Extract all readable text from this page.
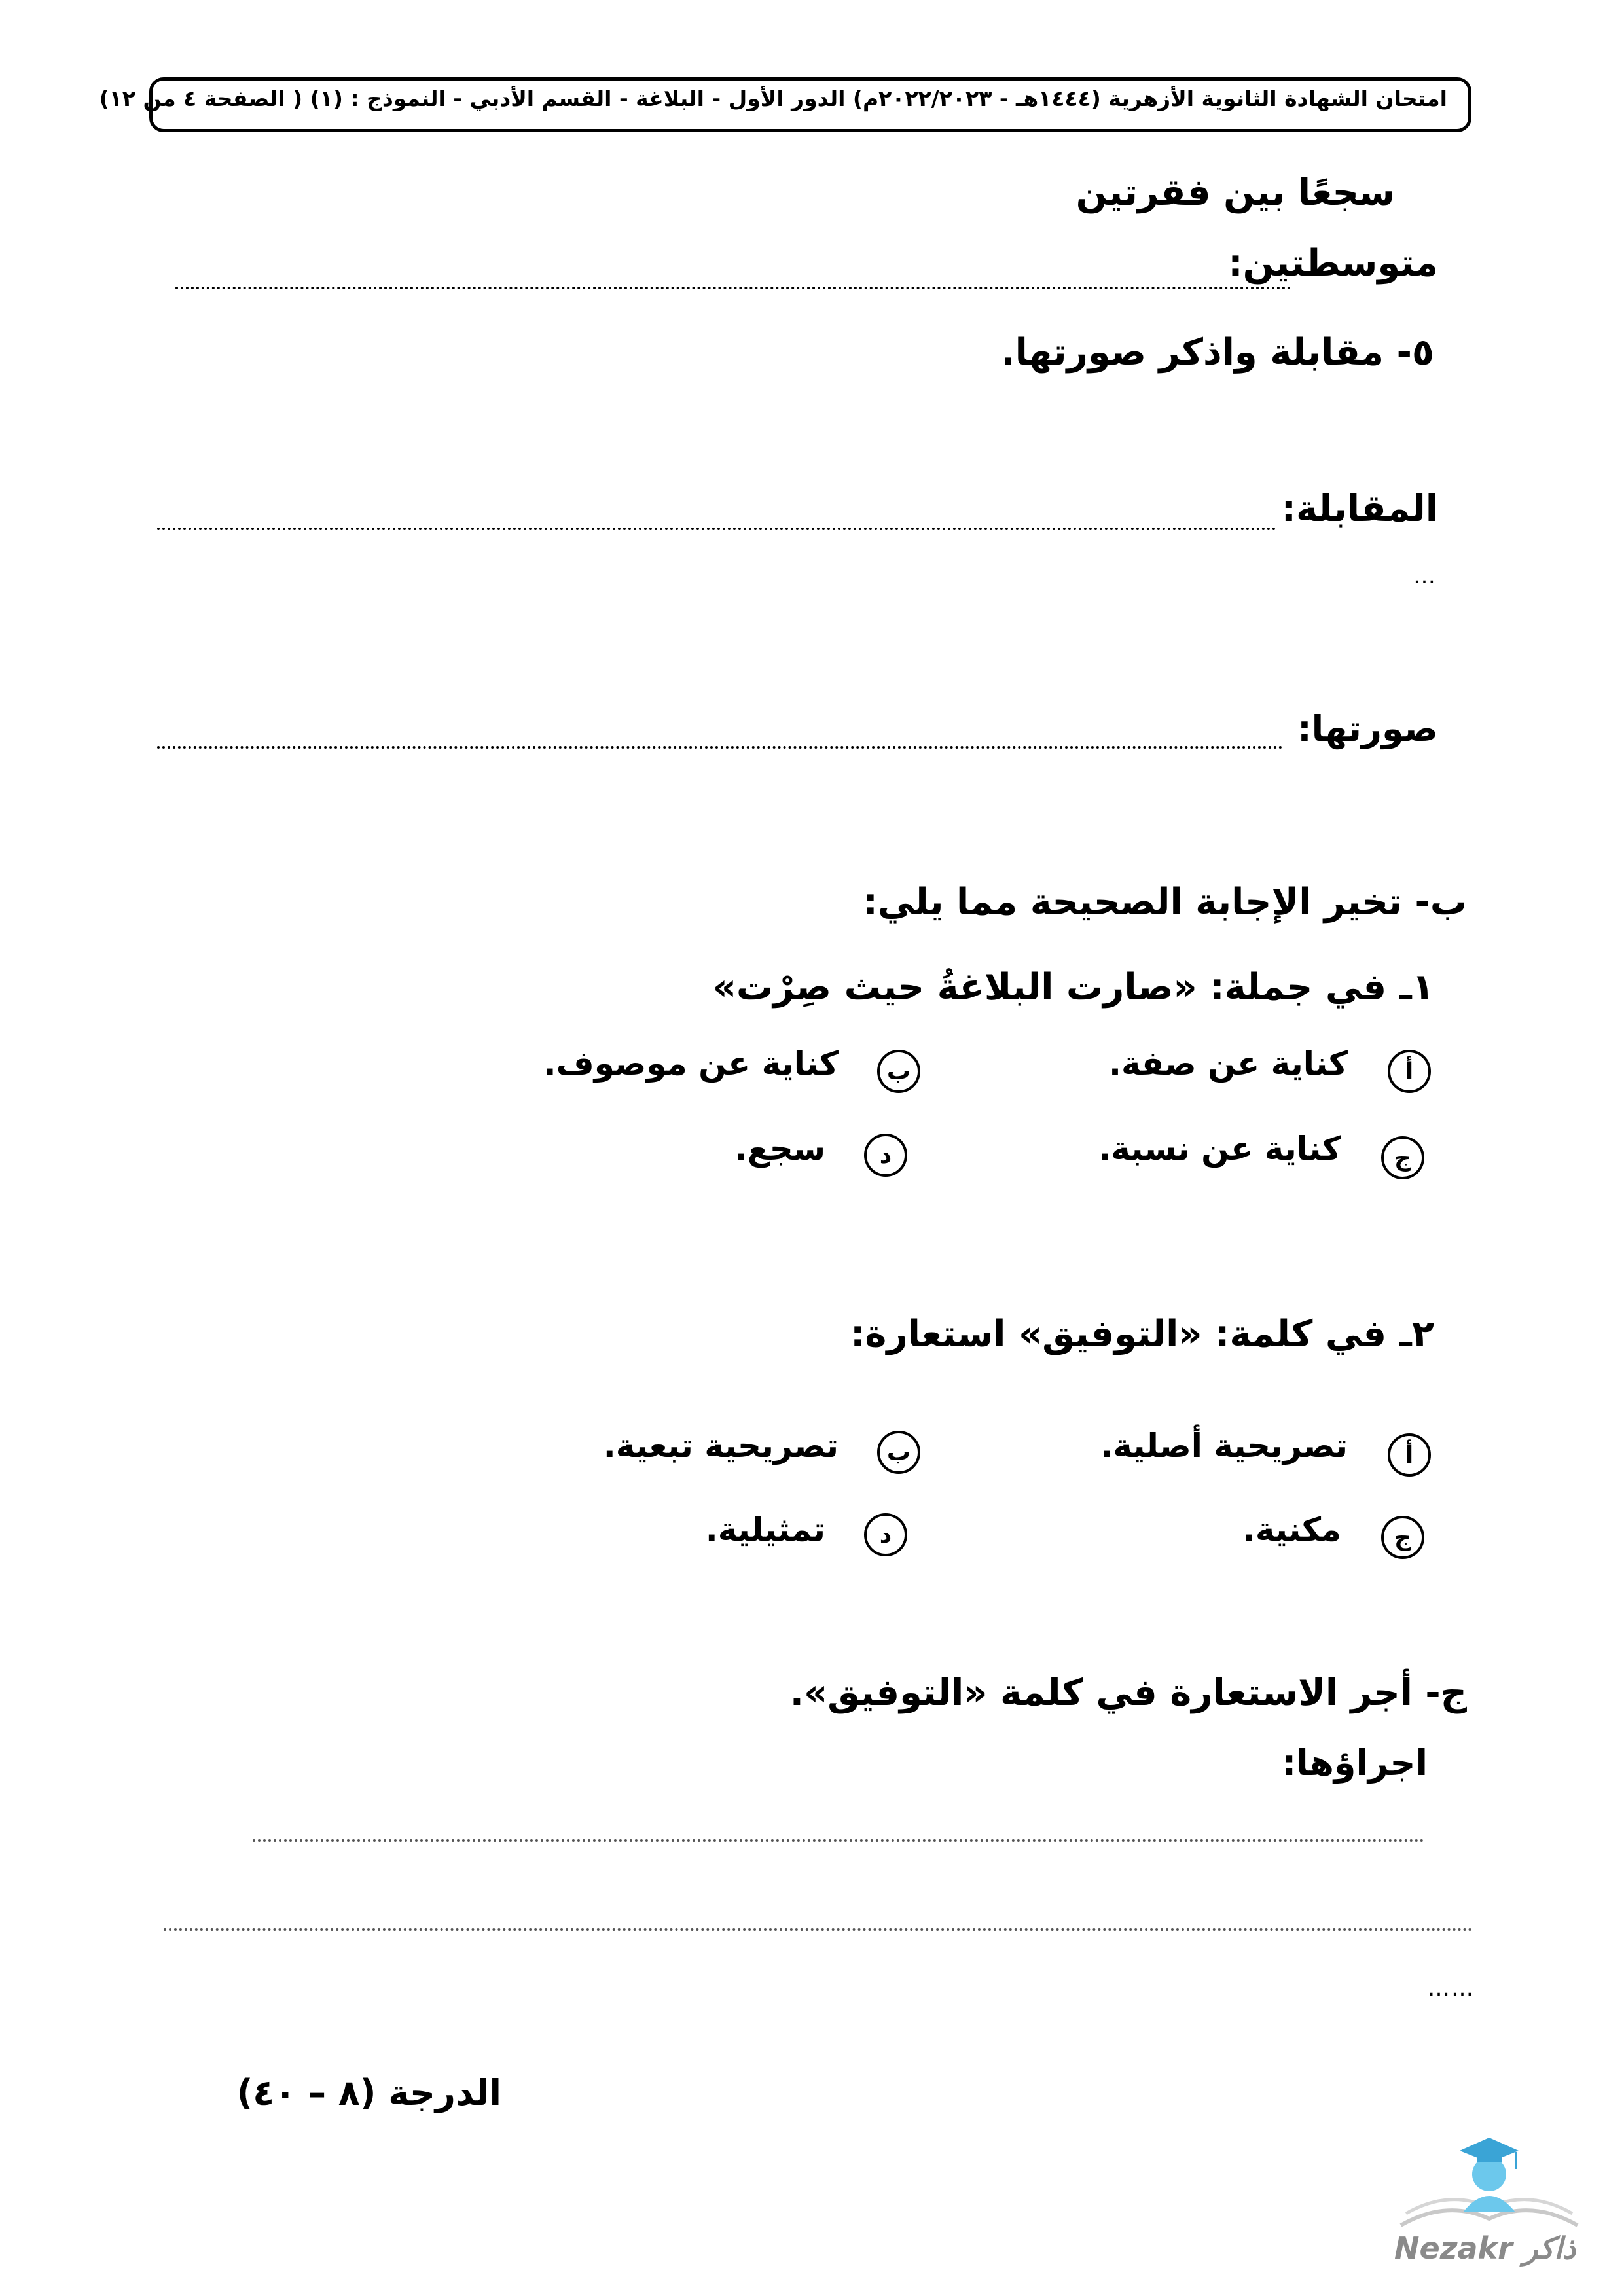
امتحان الشهادة الثانوية الأزهرية (١٤٤٤هـ - ٢٠٢٢/٢٠٢٣م) الدور الأول - البلاغة - القسم الأدبي - النموذج : (١) ( الصفحة ٤ من ١٢)
سجعًا بين فقرتين
متوسطتين:
٥- مقابلة واذكر صورتها.
المقابلة:
…
صورتها:
ب- تخير الإجابة الصحيحة مما يلي:
١ـ في جملة: «صارت البلاغةُ حيث صِرْت»
أ
كناية عن صفة.
ب
كناية عن موصوف.
ج
كناية عن نسبة.
د
سجع.
٢ـ في كلمة: «التوفيق» استعارة:
أ
تصريحية أصلية.
ب
تصريحية تبعية.
ج
مكنية.
د
تمثيلية.
ج- أجر الاستعارة في كلمة «التوفيق».
اجراؤها:
……
الدرجة (٨ – ٤٠)
Nezakr ذاكر
